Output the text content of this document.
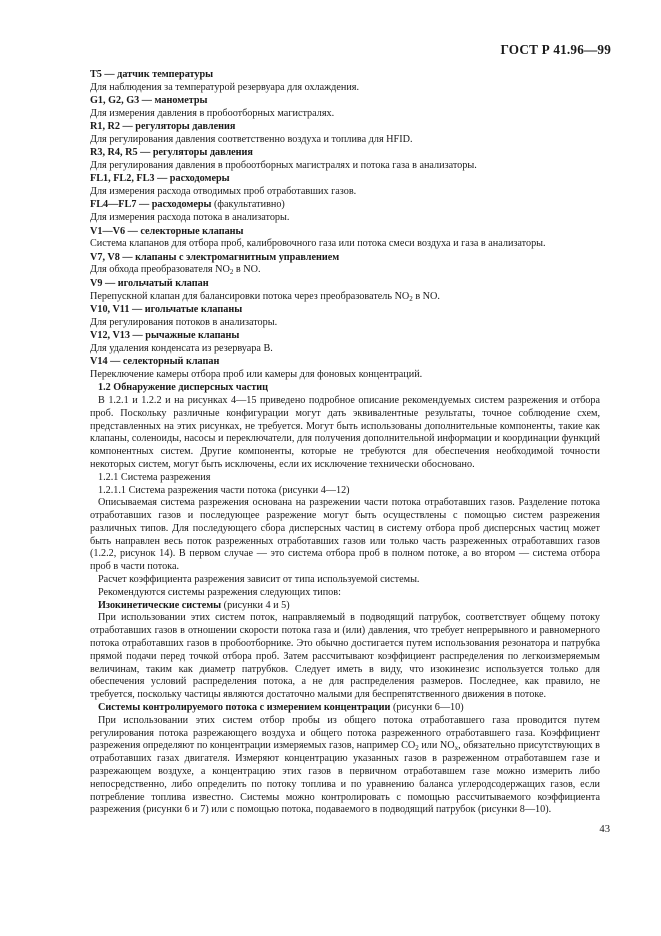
ГОСТ Р 41.96—99

T5 — датчик температуры

Для наблюдения за температурой резервуара для охлаждения.

G1, G2, G3 — манометры

Для измерения давления в пробоотборных магистралях.

R1, R2 — регуляторы давления

Для регулирования давления соответственно воздуха и топлива для HFID.

R3, R4, R5 — регуляторы давления

Для регулирования давления в пробоотборных магистралях и потока газа в анализаторы.

FL1, FL2, FL3 — расходомеры

Для измерения расхода отводимых проб отработавших газов.

FL4—FL7 — расходомеры (факультативно)

Для измерения расхода потока в анализаторы.

V1—V6 — селекторные клапаны

Система клапанов для отбора проб, калибровочного газа или потока смеси воздуха и газа в анализаторы.

V7, V8 — клапаны с электромагнитным управлением

Для обхода преобразователя $NO_2$ в NO.

V9 — игольчатый клапан

Перепускной клапан для балансировки потока через преобразователь $NO_2$ в NO.

V10, V11 — игольчатые клапаны

Для регулирования потоков в анализаторы.

V12, V13 — рычажные клапаны

Для удаления конденсата из резервуара B.

V14 — селекторный клапан

Переключение камеры отбора проб или камеры для фоновых концентраций.

1.2 Обнаружение дисперсных частиц

В 1.2.1 и 1.2.2 и на рисунках 4—15 приведено подробное описание рекомендуемых систем разрежения и отбора проб. Поскольку различные конфигурации могут дать эквивалентные результаты, точное соблюдение схем, представленных на этих рисунках, не требуется. Могут быть использованы дополнительные компоненты, такие как клапаны, соленоиды, насосы и переключатели, для получения дополнительной информации и координации функций компонентных систем. Другие компоненты, которые не требуются для обеспечения необходимой точности некоторых систем, могут быть исключены, если их исключение технически обосновано.

1.2.1 Система разрежения

1.2.1.1 Система разрежения части потока (рисунки 4—12)

Описываемая система разрежения основана на разрежении части потока отработавших газов. Разделение потока отработавших газов и последующее разрежение могут быть осуществлены с помощью систем разрежения различных типов. Для последующего сбора дисперсных частиц в систему отбора проб дисперсных частиц может быть направлен весь поток разреженных отработавших газов или только часть разреженных отработавших газов (1.2.2, рисунок 14). В первом случае — это система отбора проб в полном потоке, а во втором — система отбора проб в части потока.

Расчет коэффициента разрежения зависит от типа используемой системы.

Рекомендуются системы разрежения следующих типов:

Изокинетические системы (рисунки 4 и 5)

При использовании этих систем поток, направляемый в подводящий патрубок, соответствует общему потоку отработавших газов в отношении скорости потока газа и (или) давления, что требует непрерывного и равномерного потока отработавших газов в пробоотборнике. Это обычно достигается путем использования резонатора и патрубка прямой подачи перед точкой отбора проб. Затем рассчитывают коэффициент распределения по легкоизмеряемым величинам, таким как диаметр патрубков. Следует иметь в виду, что изокинезис используется только для обеспечения условий распределения потока, а не для распределения размеров. Последнее, как правило, не требуется, поскольку частицы являются достаточно малыми для беспрепятственного движения в потоке.

Системы контролируемого потока с измерением концентрации (рисунки 6—10)

При использовании этих систем отбор пробы из общего потока отработавшего газа проводится путем регулирования потока разрежающего воздуха и общего потока разреженного отработавшего газа. Коэффициент разрежения определяют по концентрации измеряемых газов, например $CO_2$ или $NO_x$, обязательно присутствующих в отработавших газах двигателя. Измеряют концентрацию указанных газов в разреженном отработавшем газе и разрежающем воздухе, а концентрацию этих газов в первичном отработавшем газе можно измерить либо непосредственно, либо определить по потоку топлива и по уравнению баланса углеродсодержащих газов, если потребление топлива известно. Системы можно контролировать с помощью рассчитываемого коэффициента разрежения (рисунки 6 и 7) или с помощью потока, подаваемого в подводящий патрубок (рисунки 8—10).

43
